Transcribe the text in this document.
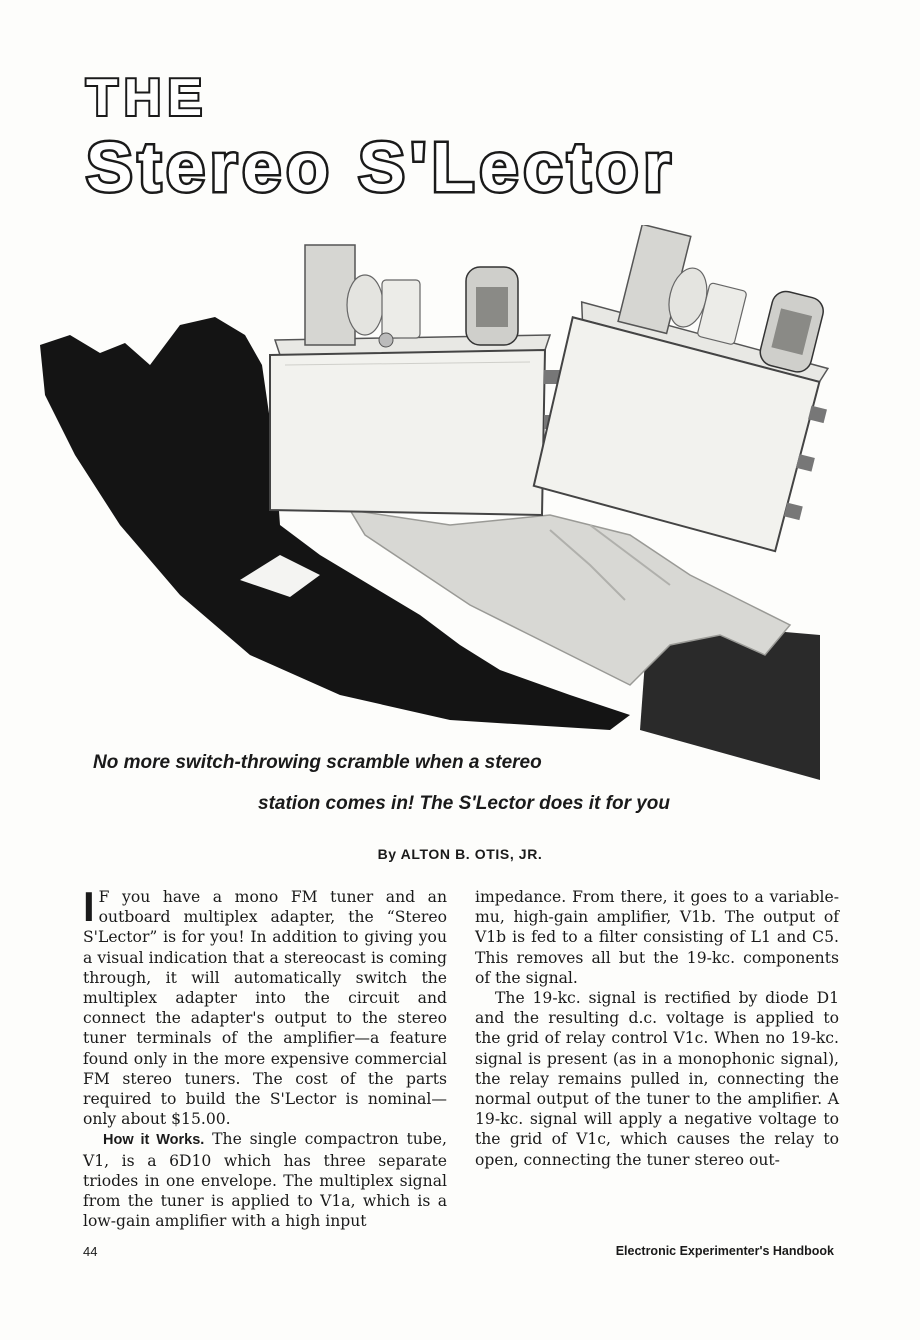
THE
Stereo S'Lector
No more switch-throwing scramble when a stereo
station comes in! The S'Lector does it for you
By ALTON B. OTIS, JR.

I F you have a mono FM tuner and an outboard multiplex adapter, the “Stereo S'Lector” is for you! In addition to giving you a visual indication that a stereocast is coming through, it will automatically switch the multiplex adapter into the circuit and connect the adapter's output to the stereo tuner terminals of the amplifier—a feature found only in the more expensive commercial FM stereo tuners. The cost of the parts required to build the S'Lector is nominal—only about $15.00.

How it Works. The single compactron tube, V1, is a 6D10 which has three separate triodes in one envelope. The multiplex signal from the tuner is applied to V1a, which is a low-gain amplifier with a high input

impedance. From there, it goes to a variable-mu, high-gain amplifier, V1b. The output of V1b is fed to a filter consisting of L1 and C5. This removes all but the 19-kc. components of the signal.

The 19-kc. signal is rectified by diode D1 and the resulting d.c. voltage is applied to the grid of relay control V1c. When no 19-kc. signal is present (as in a monophonic signal), the relay remains pulled in, connecting the normal output of the tuner to the amplifier. A 19-kc. signal will apply a negative voltage to the grid of V1c, which causes the relay to open, connecting the tuner stereo out-

44	Electronic Experimenter's Handbook
